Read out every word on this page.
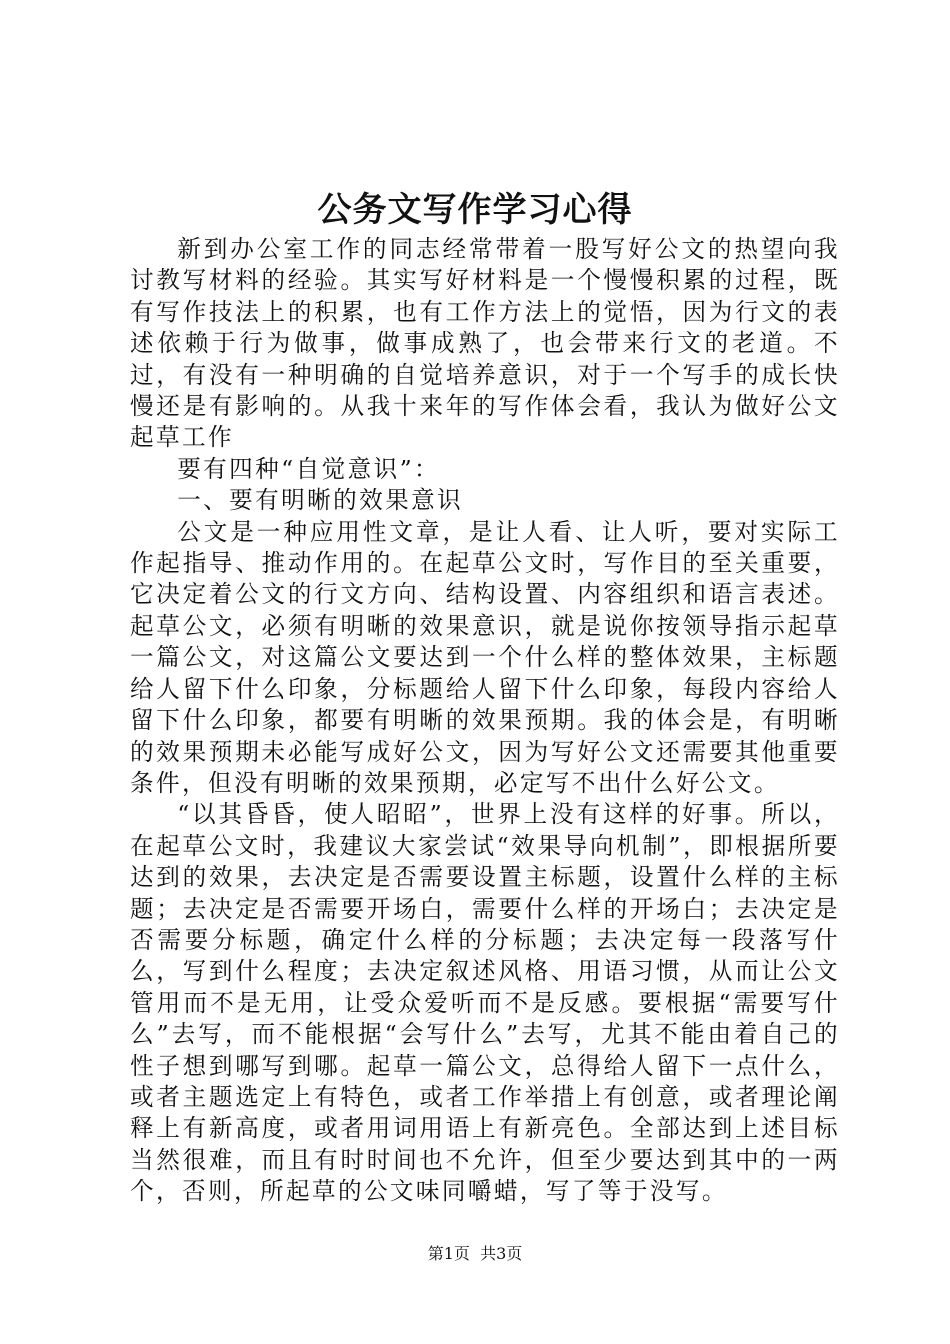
公务文写作学习心得

新到办公室工作的同志经常带着一股写好公文的热望向我讨教写材料的经验。其实写好材料是一个慢慢积累的过程，既有写作技法上的积累，也有工作方法上的觉悟，因为行文的表述依赖于行为做事，做事成熟了，也会带来行文的老道。不过，有没有一种明确的自觉培养意识，对于一个写手的成长快慢还是有影响的。从我十来年的写作体会看，我认为做好公文起草工作

要有四种“自觉意识”：

一、要有明晰的效果意识

公文是一种应用性文章，是让人看、让人听，要对实际工作起指导、推动作用的。在起草公文时，写作目的至关重要，它决定着公文的行文方向、结构设置、内容组织和语言表述。起草公文，必须有明晰的效果意识，就是说你按领导指示起草一篇公文，对这篇公文要达到一个什么样的整体效果，主标题给人留下什么印象，分标题给人留下什么印象，每段内容给人留下什么印象，都要有明晰的效果预期。我的体会是，有明晰的效果预期未必能写成好公文，因为写好公文还需要其他重要条件，但没有明晰的效果预期，必定写不出什么好公文。

“以其昏昏，使人昭昭”，世界上没有这样的好事。所以，在起草公文时，我建议大家尝试“效果导向机制”，即根据所要达到的效果，去决定是否需要设置主标题，设置什么样的主标题；去决定是否需要开场白，需要什么样的开场白；去决定是否需要分标题，确定什么样的分标题；去决定每一段落写什么，写到什么程度；去决定叙述风格、用语习惯，从而让公文管用而不是无用，让受众爱听而不是反感。要根据“需要写什么”去写，而不能根据“会写什么”去写，尤其不能由着自己的性子想到哪写到哪。起草一篇公文，总得给人留下一点什么，或者主题选定上有特色，或者工作举措上有创意，或者理论阐释上有新高度，或者用词用语上有新亮色。全部达到上述目标当然很难，而且有时时间也不允许，但至少要达到其中的一两个，否则，所起草的公文味同嚼蜡，写了等于没写。

第1页 共3页
